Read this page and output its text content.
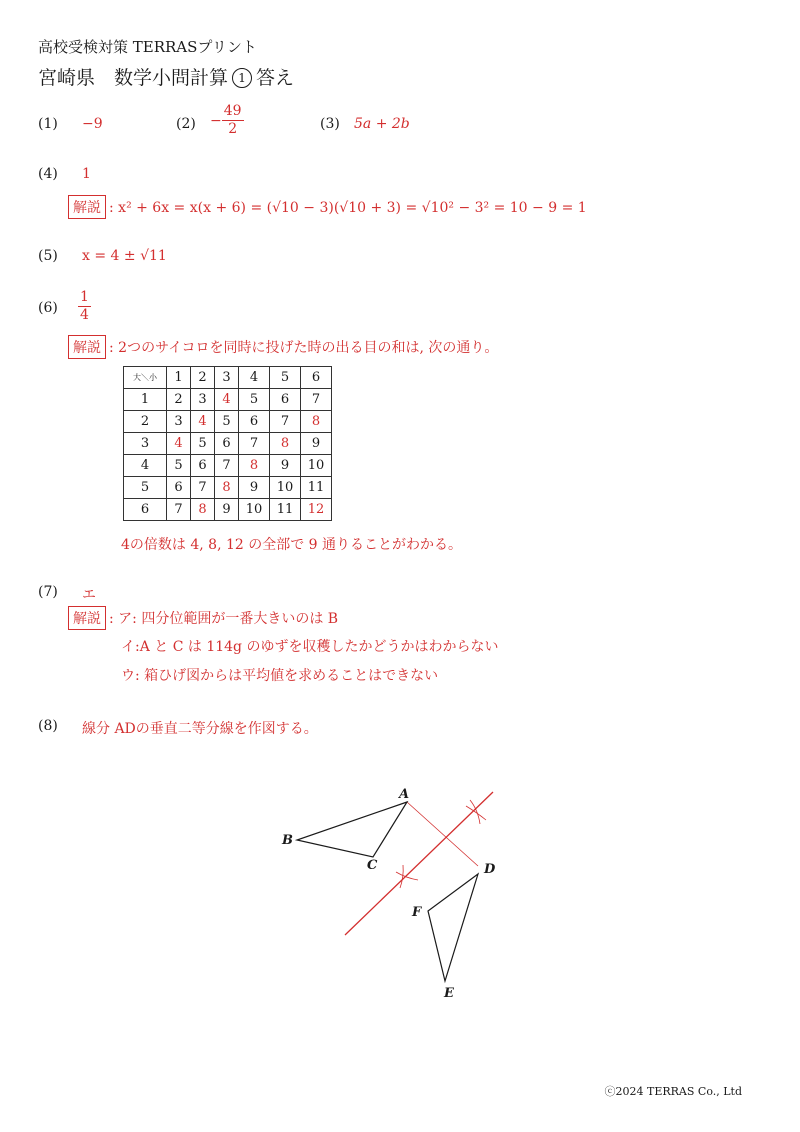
高校受検対策 TERRASプリント
宮崎県　数学小問計算 1 答え
(1) −9	$(2) - \frac{49}{2}$	(3) 5a + 2b
(4) 1
解説 : x² + 6x = x(x + 6) = (√10 − 3)(√10 + 3) = √10² − 3² = 10 − 9 = 1
(5) x = 4 ± √11
$(6) \frac{1}{4}$
解説 : 2つのサイコロを同時に投げた時の出る目の和は, 次の通り。
大＼小	1	2	3	4	5	6
1	2	3	4	5	6	7
2	3	4	5	6	7	8
3	4	5	6	7	8	9
4	5	6	7	8	9	10
5	6	7	8	9	10	11
6	7	8	9	10	11	12
4の倍数は 4, 8, 12 の全部で 9 通りることがわかる。
(7) エ
解説 : ア: 四分位範囲が一番大きいのは B
イ:A と C は 114g のゆずを収穫したかどうかはわからない
ウ: 箱ひげ図からは平均値を求めることはできない
(8) 線分 ADの垂直二等分線を作図する。
A
B
C	D
E
F
ⓒ2024 TERRAS Co., Ltd
